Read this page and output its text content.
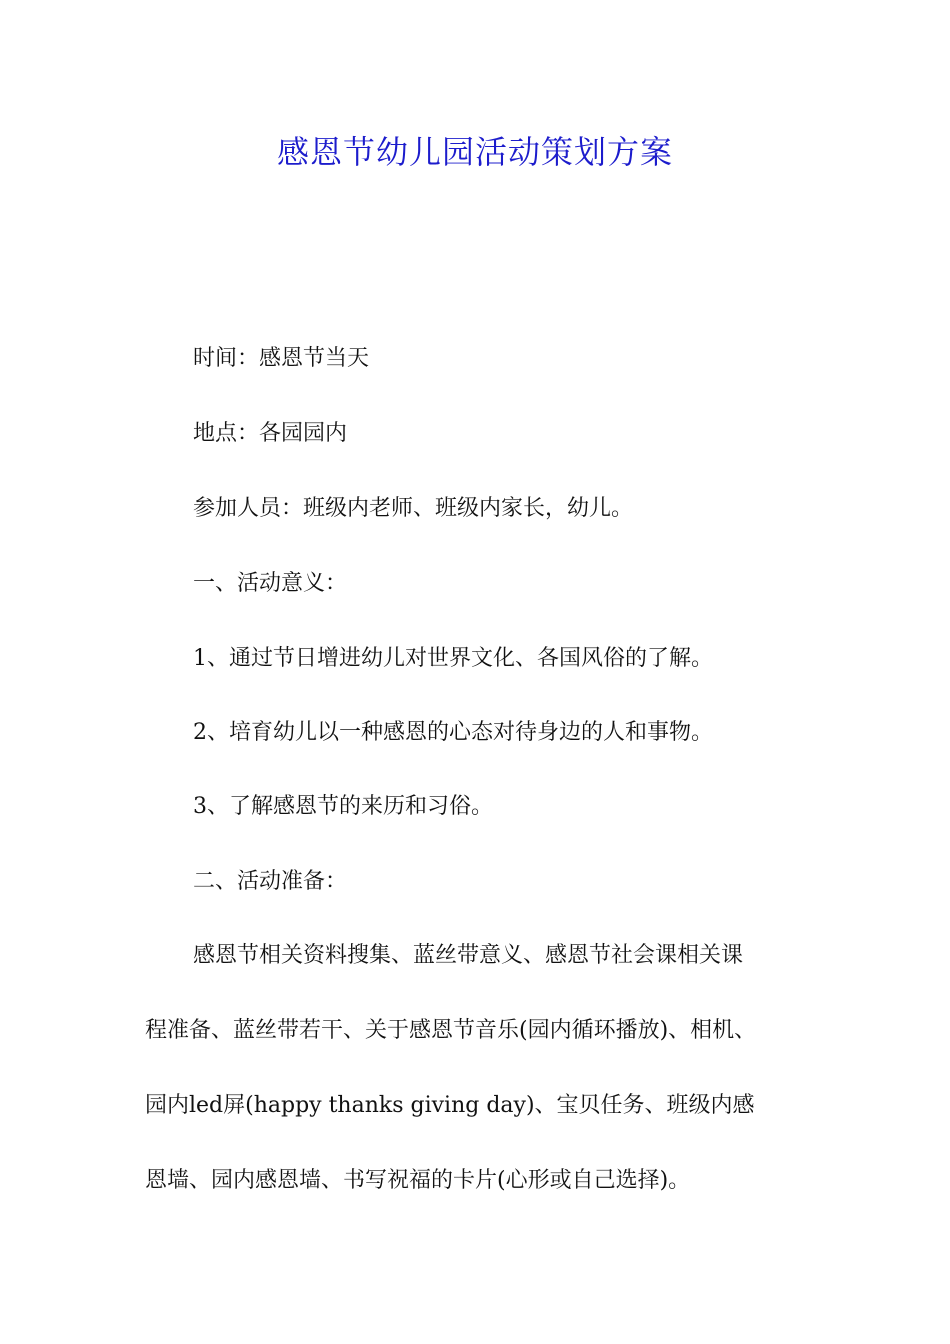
感恩节幼儿园活动策划方案
时间：感恩节当天
地点：各园园内
参加人员：班级内老师、班级内家长，幼儿。
一、活动意义：
1、通过节日增进幼儿对世界文化、各国风俗的了解。
2、培育幼儿以一种感恩的心态对待身边的人和事物。
3、了解感恩节的来历和习俗。
二、活动准备：
感恩节相关资料搜集、蓝丝带意义、感恩节社会课相关课
程准备、蓝丝带若干、关于感恩节音乐(园内循环播放)、相机、
园内led屏(happy thanks giving day)、宝贝任务、班级内感
恩墙、园内感恩墙、书写祝福的卡片(心形或自己选择)。
